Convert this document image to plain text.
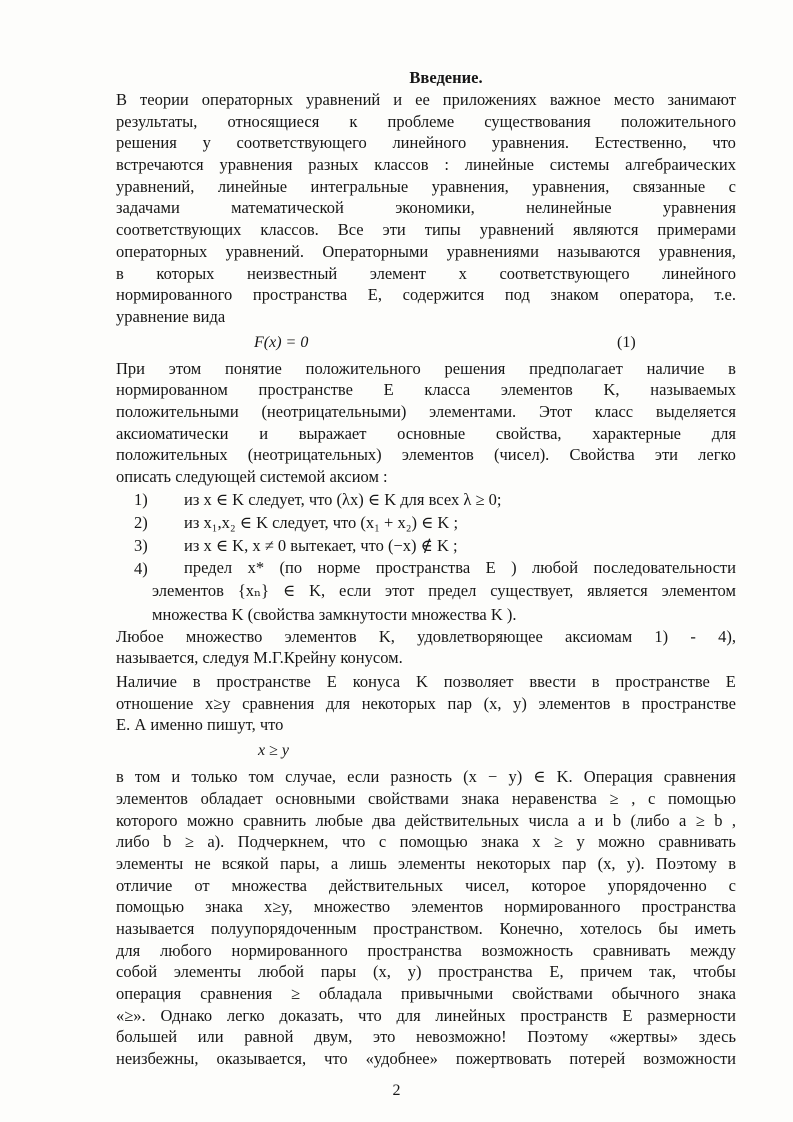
Введение.
В теории операторных уравнений и ее приложениях важное место занимают
результаты, относящиеся к проблеме существования положительного
решения у соответствующего линейного уравнения. Естественно, что
встречаются уравнения разных классов : линейные системы алгебраических
уравнений, линейные интегральные уравнения, уравнения, связанные с
задачами	математической	экономики,	нелинейные	уравнения
соответствующих классов. Все эти типы уравнений являются примерами
операторных уравнений. Операторными уравнениями называются уравнения,
в которых неизвестный элемент x соответствующего линейного
нормированного пространства E, содержится под знаком оператора, т.е.
уравнение вида
F(x) = 0	(1)
При этом понятие положительного решения предполагает наличие в
нормированном пространстве E класса элементов K, называемых
положительными (неотрицательными) элементами. Этот класс выделяется
аксиоматически и выражает основные свойства, характерные для
положительных (неотрицательных) элементов (чисел). Свойства эти легко
описать следующей системой аксиом :
1)	из x ∈ K следует, что (λx) ∈ K для всех λ ≥ 0;
2)	из x₁,x₂ ∈ K следует, что (x₁ + x₂) ∈ K ;
3)	из x ∈ K, x ≠ 0 вытекает, что (−x) ∉ K ;
4)	предел x* (по норме пространства E ) любой последовательности
элементов {xₙ} ∈ K, если этот предел существует, является элементом
множества K (свойства замкнутости множества K ).
Любое множество элементов K, удовлетворяющее аксиомам 1) - 4),
называется, следуя М.Г.Крейну конусом.
Наличие в пространстве E конуса K позволяет ввести в пространстве E
отношение x≥y сравнения для некоторых пар (x, y) элементов в пространстве
E. А именно пишут, что
x ≥ y
в том и только том случае, если разность (x − y) ∈ K. Операция сравнения
элементов обладает основными свойствами знака неравенства ≥ , с помощью
которого можно сравнить любые два действительных числа a и b (либо a ≥ b ,
либо b ≥ a). Подчеркнем, что с помощью знака x ≥ y можно сравнивать
элементы не всякой пары, а лишь элементы некоторых пар (x, y). Поэтому в
отличие от множества действительных чисел, которое упорядоченно с
помощью знака x≥y, множество элементов нормированного пространства
называется полуупорядоченным пространством. Конечно, хотелось бы иметь
для любого нормированного пространства возможность сравнивать между
собой элементы любой пары (x, y) пространства E, причем так, чтобы
операция сравнения ≥ обладала привычными свойствами обычного знака
«≥». Однако легко доказать, что для линейных пространств E размерности
большей или равной двум, это невозможно! Поэтому «жертвы» здесь
неизбежны, оказывается, что «удобнее» пожертвовать потерей возможности
2
